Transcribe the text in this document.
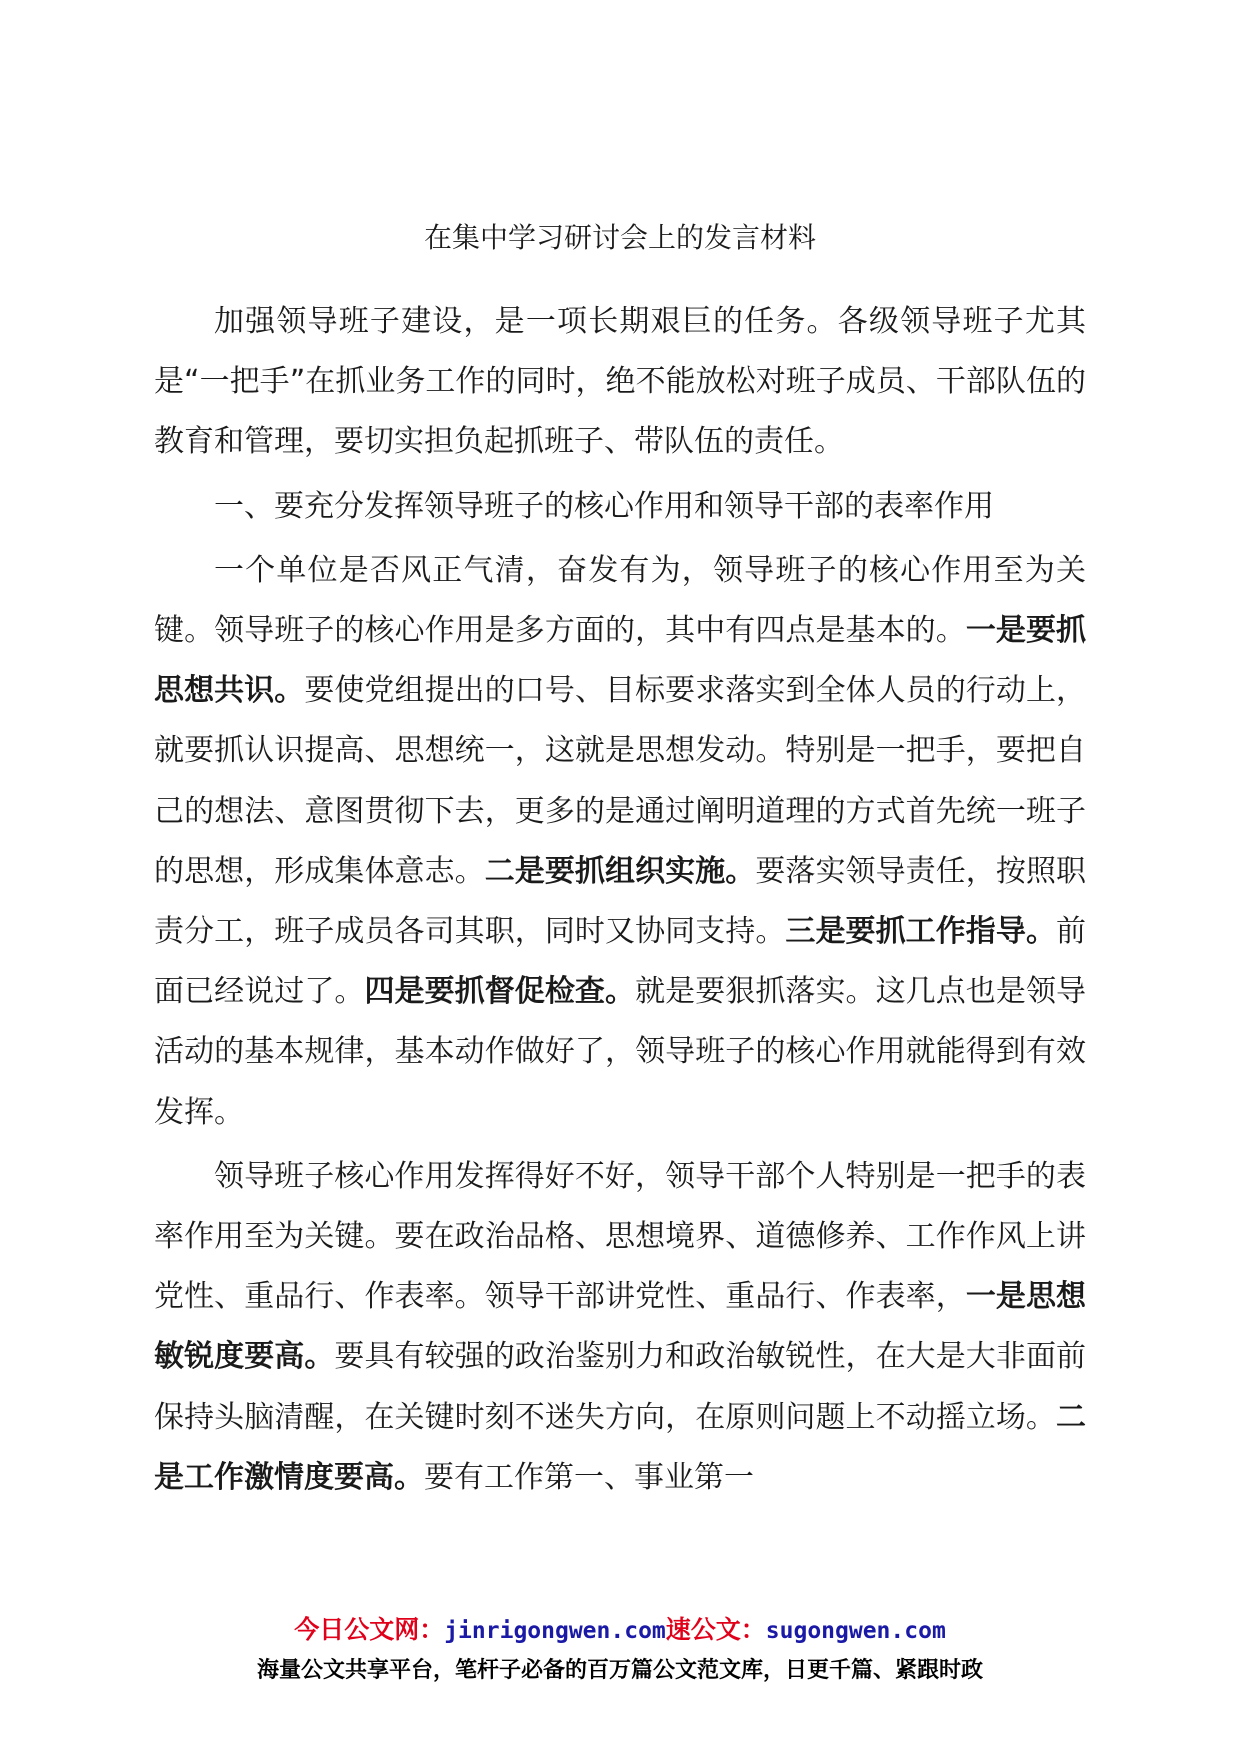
在集中学习研讨会上的发言材料

加强领导班子建设，是一项长期艰巨的任务。各级领导班子尤其是“一把手”在抓业务工作的同时，绝不能放松对班子成员、干部队伍的教育和管理，要切实担负起抓班子、带队伍的责任。

一、要充分发挥领导班子的核心作用和领导干部的表率作用

一个单位是否风正气清，奋发有为，领导班子的核心作用至为关键。领导班子的核心作用是多方面的，其中有四点是基本的。一是要抓思想共识。要使党组提出的口号、目标要求落实到全体人员的行动上，就要抓认识提高、思想统一，这就是思想发动。特别是一把手，要把自己的想法、意图贯彻下去，更多的是通过阐明道理的方式首先统一班子的思想，形成集体意志。二是要抓组织实施。要落实领导责任，按照职责分工，班子成员各司其职，同时又协同支持。三是要抓工作指导。前面已经说过了。四是要抓督促检查。就是要狠抓落实。这几点也是领导活动的基本规律，基本动作做好了，领导班子的核心作用就能得到有效发挥。

领导班子核心作用发挥得好不好，领导干部个人特别是一把手的表率作用至为关键。要在政治品格、思想境界、道德修养、工作作风上讲党性、重品行、作表率。领导干部讲党性、重品行、作表率，一是思想敏锐度要高。要具有较强的政治鉴别力和政治敏锐性，在大是大非面前保持头脑清醒，在关键时刻不迷失方向，在原则问题上不动摇立场。二是工作激情度要高。要有工作第一、事业第一

今日公文网：jinrigongwen.com速公文：sugongwen.com
海量公文共享平台，笔杆子必备的百万篇公文范文库，日更千篇、紧跟时政
